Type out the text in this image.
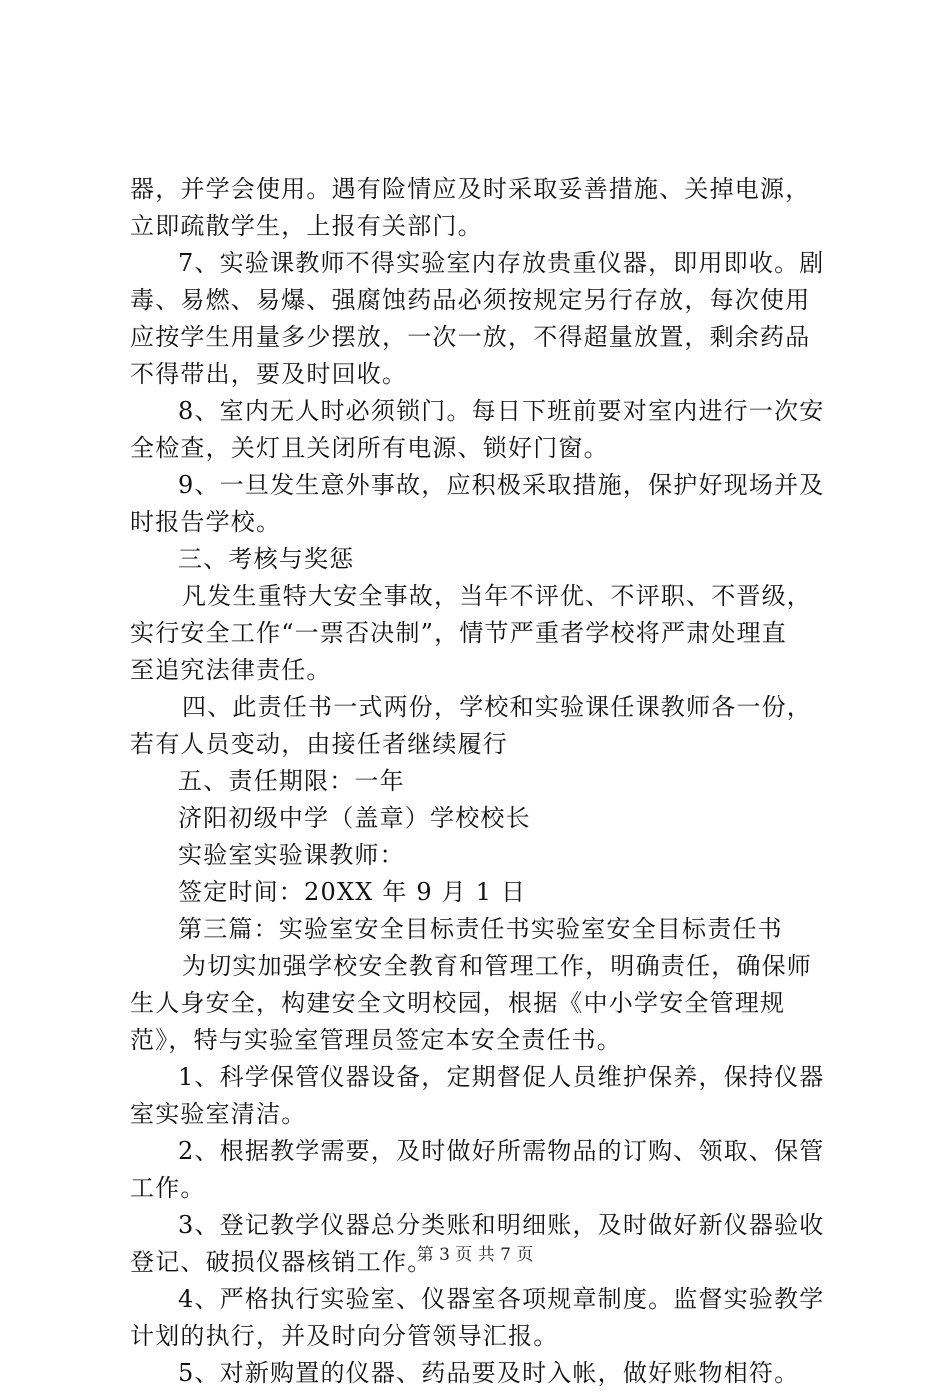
器，并学会使用。遇有险情应及时采取妥善措施、关掉电源，
立即疏散学生，上报有关部门。
7、实验课教师不得实验室内存放贵重仪器，即用即收。剧
毒、易燃、易爆、强腐蚀药品必须按规定另行存放，每次使用
应按学生用量多少摆放，一次一放，不得超量放置，剩余药品
不得带出，要及时回收。
8、室内无人时必须锁门。每日下班前要对室内进行一次安
全检查，关灯且关闭所有电源、锁好门窗。
9、一旦发生意外事故，应积极采取措施，保护好现场并及
时报告学校。
三、考核与奖惩
凡发生重特大安全事故，当年不评优、不评职、不晋级，
实行安全工作“一票否决制”，情节严重者学校将严肃处理直
至追究法律责任。
四、此责任书一式两份，学校和实验课任课教师各一份，
若有人员变动，由接任者继续履行
五、责任期限：一年
济阳初级中学（盖章）学校校长
实验室实验课教师：
签定时间：20XX 年 9 月 1 日
第三篇：实验室安全目标责任书实验室安全目标责任书
为切实加强学校安全教育和管理工作，明确责任，确保师
生人身安全，构建安全文明校园，根据《中小学安全管理规
范》，特与实验室管理员签定本安全责任书。
1、科学保管仪器设备，定期督促人员维护保养，保持仪器
室实验室清洁。
2、根据教学需要，及时做好所需物品的订购、领取、保管
工作。
3、登记教学仪器总分类账和明细账，及时做好新仪器验收
登记、破损仪器核销工作。
4、严格执行实验室、仪器室各项规章制度。监督实验教学
计划的执行，并及时向分管领导汇报。
5、对新购置的仪器、药品要及时入帐，做好账物相符。
第 3 页 共 7 页
